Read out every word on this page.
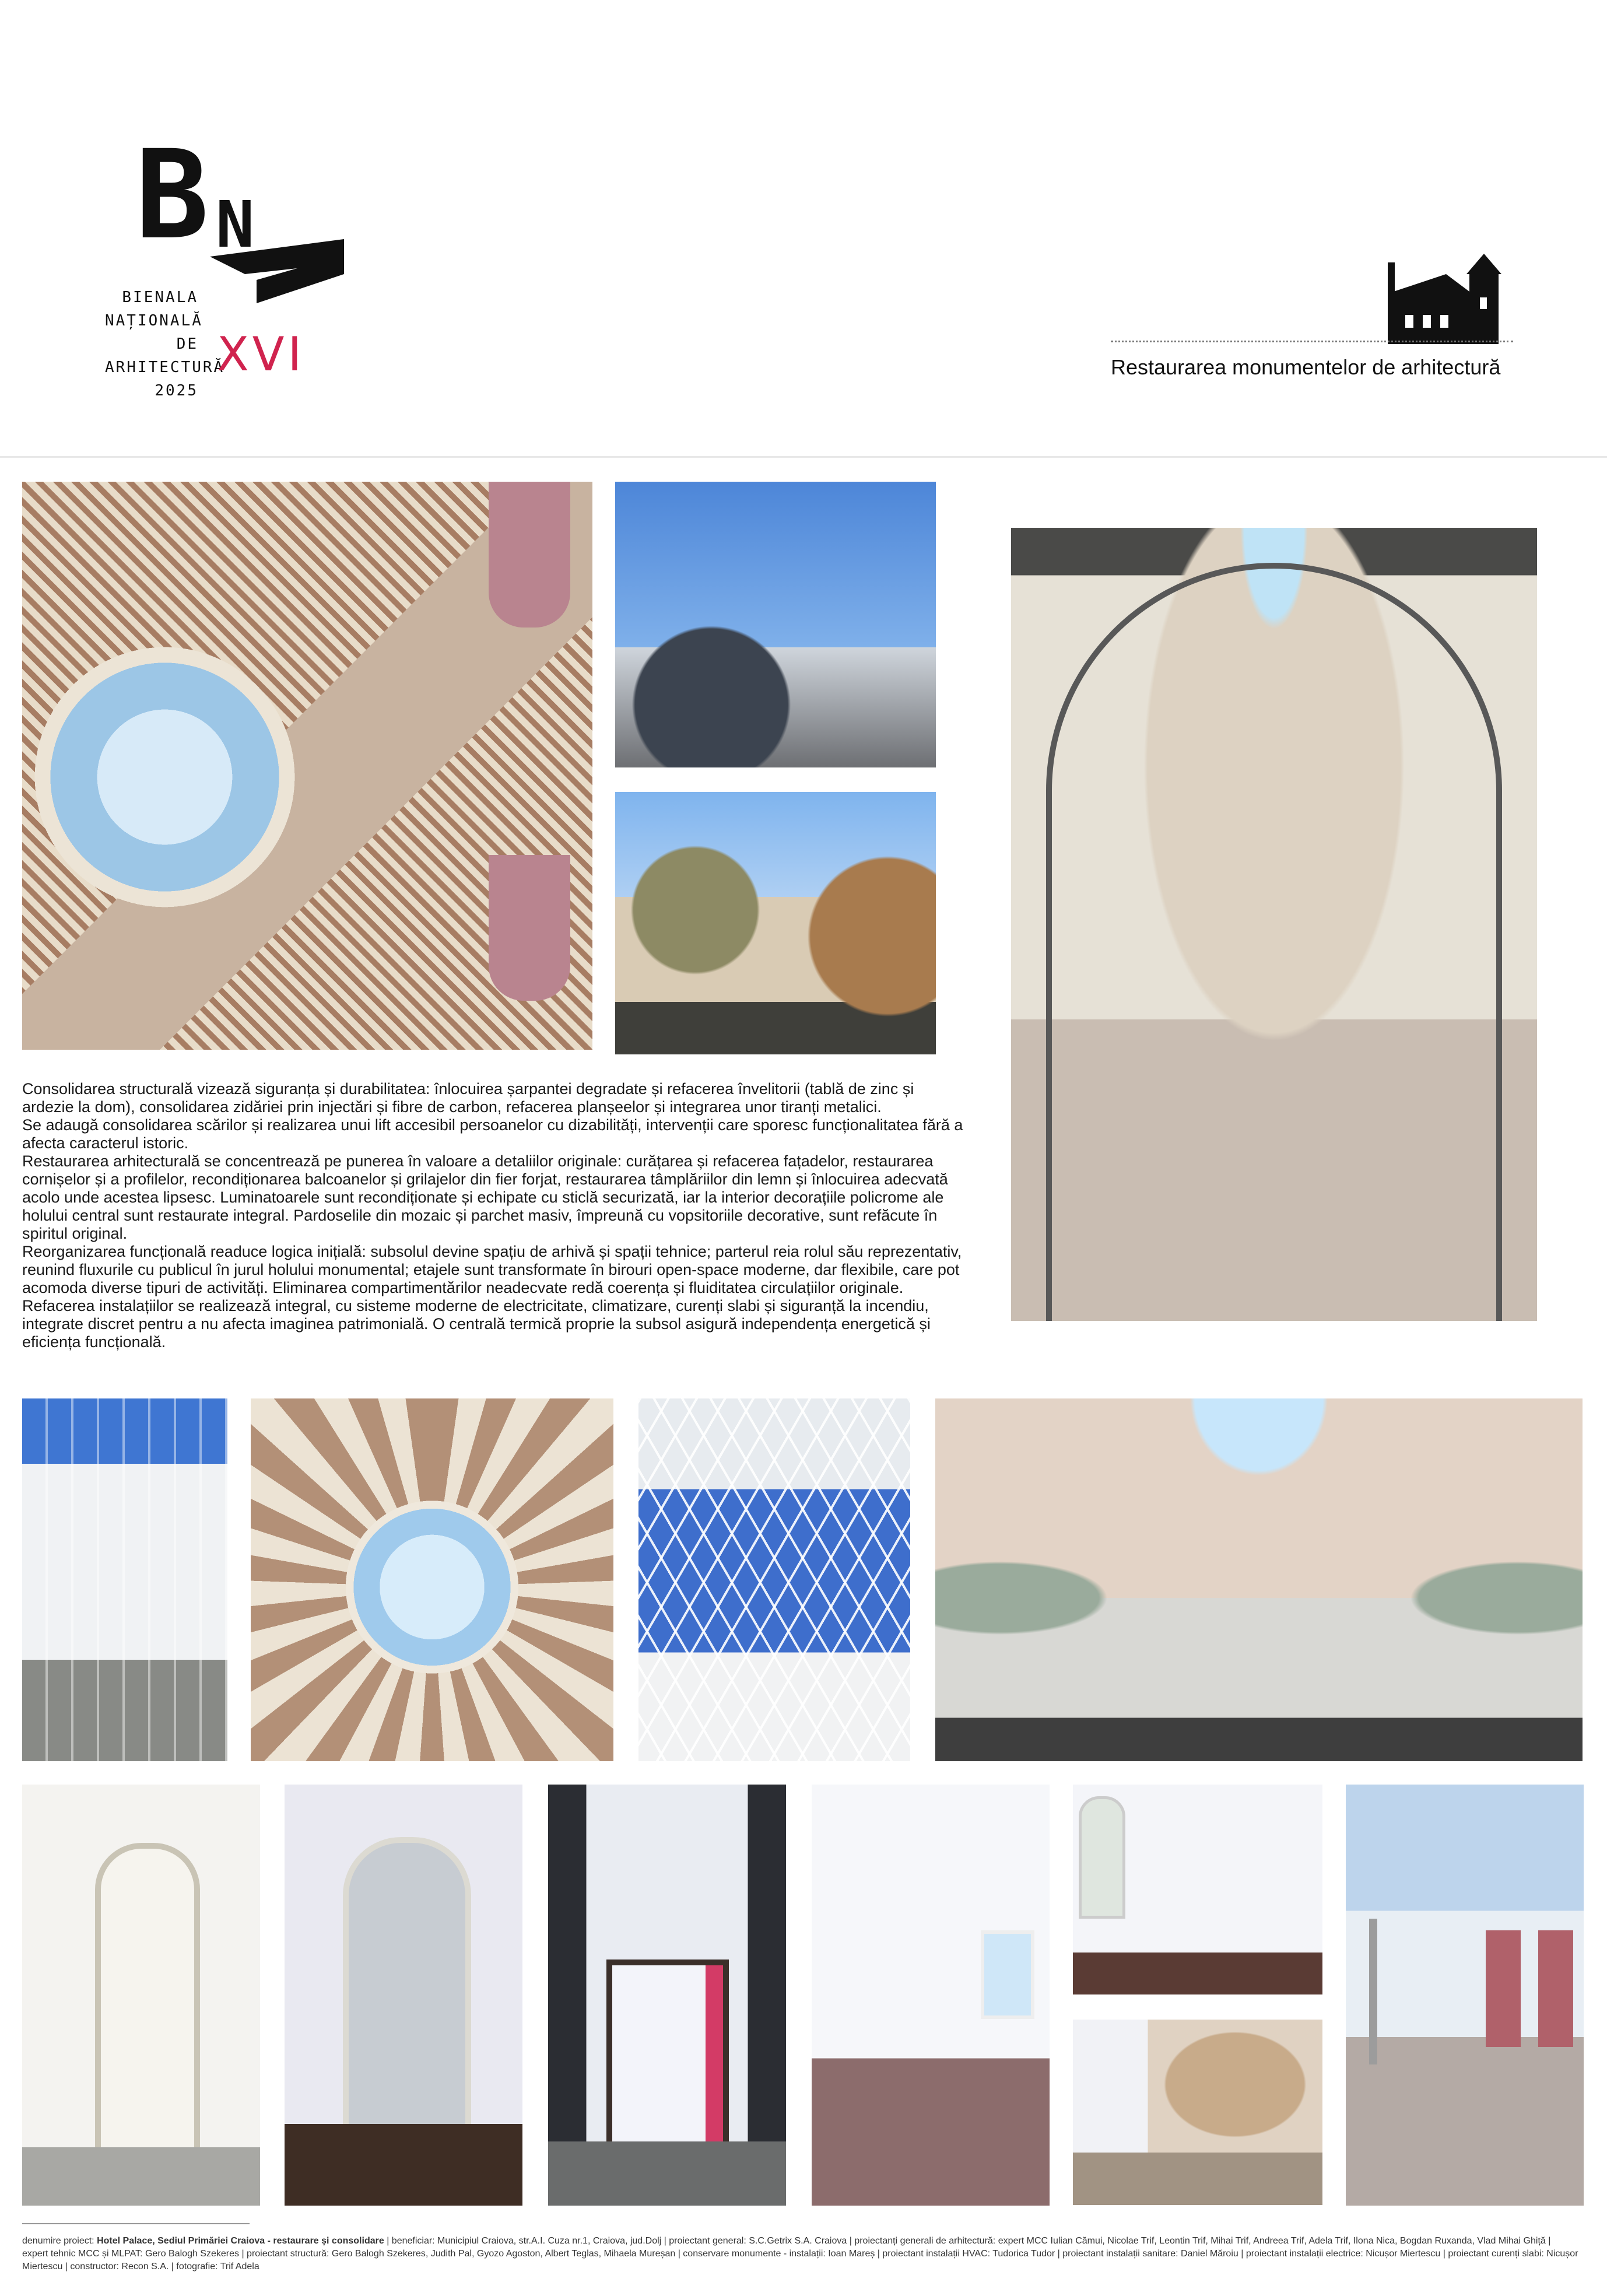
B N
BIENALA
NAȚIONALĂ
DE
ARHITECTURĂ
2025
XVI	Restaurarea monumentelor de arhitectură
Consolidarea structurală vizează siguranța și durabilitatea: înlocuirea șarpantei degradate și refacerea învelitorii (tablă de zinc și ardezie la dom), consolidarea zidăriei prin injectări și fibre de carbon, refacerea planșeelor și integrarea unor tiranți metalici.
Se adaugă consolidarea scărilor și realizarea unui lift accesibil persoanelor cu dizabilități, intervenții care sporesc funcționalitatea fără a afecta caracterul istoric.
Restaurarea arhitecturală se concentrează pe punerea în valoare a detaliilor originale: curățarea și refacerea fațadelor, restaurarea cornișelor și a profilelor, recondiționarea balcoanelor și grilajelor din fier forjat, restaurarea tâmplăriilor din lemn și înlocuirea adecvată acolo unde acestea lipsesc. Luminatoarele sunt recondiționate și echipate cu sticlă securizată, iar la interior decorațiile policrome ale holului central sunt restaurate integral. Pardoselile din mozaic și parchet masiv, împreună cu vopsitoriile decorative, sunt refăcute în spiritul original.
Reorganizarea funcțională readuce logica inițială: subsolul devine spațiu de arhivă și spații tehnice; parterul reia rolul său reprezentativ, reunind fluxurile cu publicul în jurul holului monumental; etajele sunt transformate în birouri open-space moderne, dar flexibile, care pot acomoda diverse tipuri de activități. Eliminarea compartimentărilor neadecvate redă coerența și fluiditatea circulațiilor originale.
Refacerea instalațiilor se realizează integral, cu sisteme moderne de electricitate, climatizare, curenți slabi și siguranță la incendiu, integrate discret pentru a nu afecta imaginea patrimonială. O centrală termică proprie la subsol asigură independența energetică și eficiența funcțională.
denumire proiect: Hotel Palace, Sediul Primăriei Craiova - restaurare și consolidare | beneficiar: Municipiul Craiova, str.A.I. Cuza nr.1, Craiova, jud.Dolj | proiectant general: S.C.Getrix S.A. Craiova | proiectanți generali de arhitectură: expert MCC Iulian Cămui, Nicolae Trif, Leontin Trif, Mihai Trif, Andreea Trif, Adela Trif, Ilona Nica, Bogdan Ruxanda, Vlad Mihai Ghiță | expert tehnic MCC și MLPAT: Gero Balogh Szekeres | proiectant structură: Gero Balogh Szekeres, Judith Pal, Gyozo Agoston, Albert Teglas, Mihaela Mureșan | conservare monumente - instalații: Ioan Mareș | proiectant instalații HVAC: Tudorica Tudor | proiectant instalații sanitare: Daniel Măroiu | proiectant instalații electrice: Nicușor Miertescu | proiectant curenți slabi: Nicușor Miertescu | constructor: Recon S.A. | fotografie: Trif Adela
